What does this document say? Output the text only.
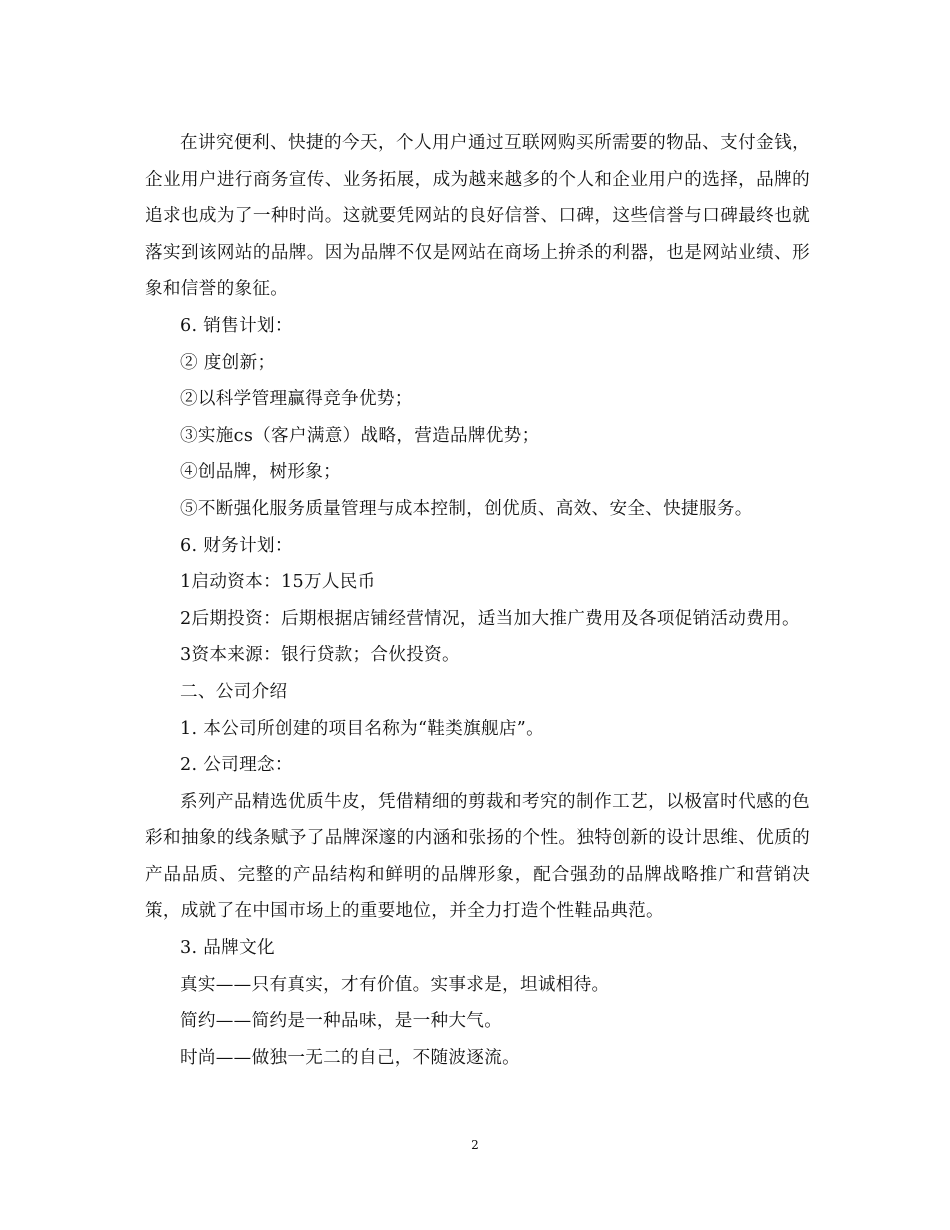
在讲究便利、快捷的今天，个人用户通过互联网购买所需要的物品、支付金钱，企业用户进行商务宣传、业务拓展，成为越来越多的个人和企业用户的选择，品牌的追求也成为了一种时尚。这就要凭网站的良好信誉、口碑，这些信誉与口碑最终也就落实到该网站的品牌。因为品牌不仅是网站在商场上拚杀的利器，也是网站业绩、形象和信誉的象征。

6. 销售计划：

② 度创新；

②以科学管理赢得竞争优势；

③实施cs（客户满意）战略，营造品牌优势；

④创品牌，树形象；

⑤不断强化服务质量管理与成本控制，创优质、高效、安全、快捷服务。

6. 财务计划：

1启动资本：15万人民币

2后期投资：后期根据店铺经营情况，适当加大推广费用及各项促销活动费用。

3资本来源：银行贷款；合伙投资。

二、公司介绍

1. 本公司所创建的项目名称为“鞋类旗舰店”。

2. 公司理念：

系列产品精选优质牛皮，凭借精细的剪裁和考究的制作工艺，以极富时代感的色彩和抽象的线条赋予了品牌深邃的内涵和张扬的个性。独特创新的设计思维、优质的产品品质、完整的产品结构和鲜明的品牌形象，配合强劲的品牌战略推广和营销决策，成就了在中国市场上的重要地位，并全力打造个性鞋品典范。

3. 品牌文化

真实——只有真实，才有价值。实事求是，坦诚相待。

简约——简约是一种品味，是一种大气。

时尚——做独一无二的自己，不随波逐流。

2
